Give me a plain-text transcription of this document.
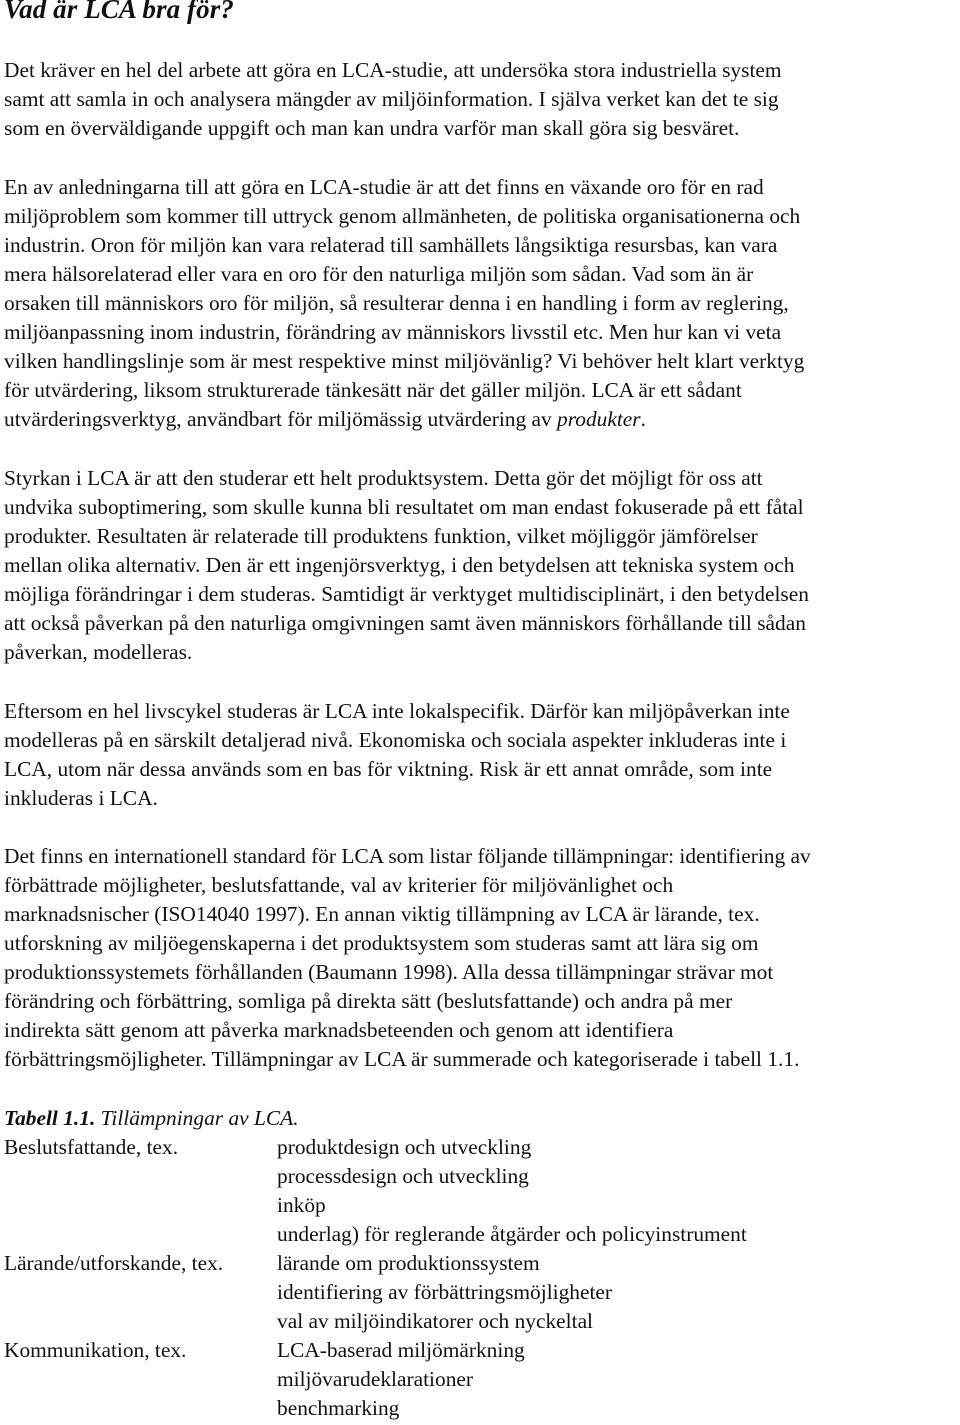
Vad är LCA bra för?

Det kräver en hel del arbete att göra en LCA-studie, att undersöka stora industriella system
samt att samla in och analysera mängder av miljöinformation. I själva verket kan det te sig
som en överväldigande uppgift och man kan undra varför man skall göra sig besväret.

En av anledningarna till att göra en LCA-studie är att det finns en växande oro för en rad
miljöproblem som kommer till uttryck genom allmänheten, de politiska organisationerna och
industrin. Oron för miljön kan vara relaterad till samhällets långsiktiga resursbas, kan vara
mera hälsorelaterad eller vara en oro för den naturliga miljön som sådan. Vad som än är
orsaken till människors oro för miljön, så resulterar denna i en handling i form av reglering,
miljöanpassning inom industrin, förändring av människors livsstil etc. Men hur kan vi veta
vilken handlingslinje som är mest respektive minst miljövänlig? Vi behöver helt klart verktyg
för utvärdering, liksom strukturerade tänkesätt när det gäller miljön. LCA är ett sådant
utvärderingsverktyg, användbart för miljömässig utvärdering av produkter.

Styrkan i LCA är att den studerar ett helt produktsystem. Detta gör det möjligt för oss att
undvika suboptimering, som skulle kunna bli resultatet om man endast fokuserade på ett fåtal
produkter. Resultaten är relaterade till produktens funktion, vilket möjliggör jämförelser
mellan olika alternativ. Den är ett ingenjörsverktyg, i den betydelsen att tekniska system och
möjliga förändringar i dem studeras. Samtidigt är verktyget multidisciplinärt, i den betydelsen
att också påverkan på den naturliga omgivningen samt även människors förhållande till sådan
påverkan, modelleras.

Eftersom en hel livscykel studeras är LCA inte lokalspecifik. Därför kan miljöpåverkan inte
modelleras på en särskilt detaljerad nivå. Ekonomiska och sociala aspekter inkluderas inte i
LCA, utom när dessa används som en bas för viktning. Risk är ett annat område, som inte
inkluderas i LCA.

Det finns en internationell standard för LCA som listar följande tillämpningar: identifiering av
förbättrade möjligheter, beslutsfattande, val av kriterier för miljövänlighet och
marknadsnischer (ISO14040 1997). En annan viktig tillämpning av LCA är lärande, tex.
utforskning av miljöegenskaperna i det produktsystem som studeras samt att lära sig om
produktionssystemets förhållanden (Baumann 1998). Alla dessa tillämpningar strävar mot
förändring och förbättring, somliga på direkta sätt (beslutsfattande) och andra på mer
indirekta sätt genom att påverka marknadsbeteenden och genom att identifiera
förbättringsmöjligheter. Tillämpningar av LCA är summerade och kategoriserade i tabell 1.1.

Tabell 1.1. Tillämpningar av LCA.

Beslutsfattande, tex.	produktdesign och utveckling
processdesign och utveckling
inköp
underlag) för reglerande åtgärder och policyinstrument
Lärande/utforskande, tex.	lärande om produktionssystem
identifiering av förbättringsmöjligheter
val av miljöindikatorer och nyckeltal
Kommunikation, tex.	LCA-baserad miljömärkning
miljövarudeklarationer
benchmarking
